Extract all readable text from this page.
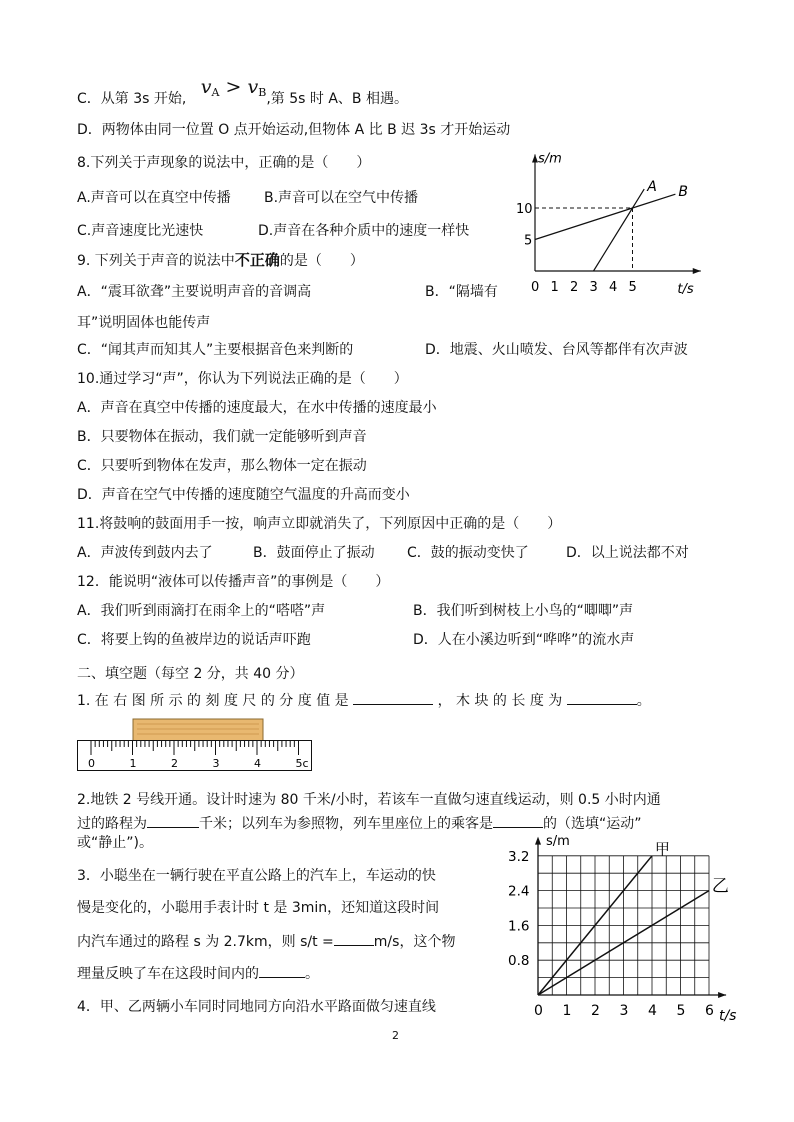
C．从第 3s 开始, $v_A > v_B$,第 5s 时 A、B 相遇。
D．两物体由同一位置 O 点开始运动,但物体 A 比 B 迟 3s 才开始运动
8.下列关于声现象的说法中，正确的是（　　）
A.声音可以在真空中传播 B.声音可以在空气中传播
C.声音速度比光速快	D.声音在各种介质中的速度一样快
9. 下列关于声音的说法中不正确的是（　　）
A．“震耳欲聋”主要说明声音的音调高	B．“隔墙有
耳”说明固体也能传声
C．“闻其声而知其人”主要根据音色来判断的	D．地震、火山喷发、台风等都伴有次声波
10.通过学习“声”，你认为下列说法正确的是（　　）
A．声音在真空中传播的速度最大，在水中传播的速度最小
B．只要物体在振动，我们就一定能够听到声音
C．只要听到物体在发声，那么物体一定在振动
D．声音在空气中传播的速度随空气温度的升高而变小
11.将鼓响的鼓面用手一按，响声立即就消失了，下列原因中正确的是（　　）
A．声波传到鼓内去了	B．鼓面停止了振动 C．鼓的振动变快了	D．以上说法都不对
12．能说明“液体可以传播声音”的事例是（　　）
A．我们听到雨滴打在雨伞上的“嗒嗒”声	B．我们听到树枝上小鸟的“唧唧”声
C．将要上钩的鱼被岸边的说话声吓跑	D．人在小溪边听到“哗哗”的流水声
二、填空题（每空 2 分，共 40 分）
1. 在 右 图 所 示 的 刻 度 尺 的 分 度 值 是	， 木 块 的 长 度 为	。
0	1	2	3	4	5c
2.地铁 2 号线开通。设计时速为 80 千米/小时，若该车一直做匀速直线运动，则 0.5 小时内通
过的路程为	千米；以列车为参照物，列车里座位上的乘客是	的（选填“运动”
或“静止”)。
3．小聪坐在一辆行驶在平直公路上的汽车上，车运动的快
慢是变化的，小聪用手表计时 t 是 3min，还知道这段时间
内汽车通过的路程 s 为 2.7km，则 s/t =	m/s，这个物
理量反映了车在这段时间内的	。
4．甲、乙两辆小车同时同地同方向沿水平路面做匀速直线
s/m
t/s
0 1 2 3 4 5
5
10
A B
s/m
t/s
0 1 2 3 4 5 6
0.8
1.6
2.4
3.2	甲
乙
2
